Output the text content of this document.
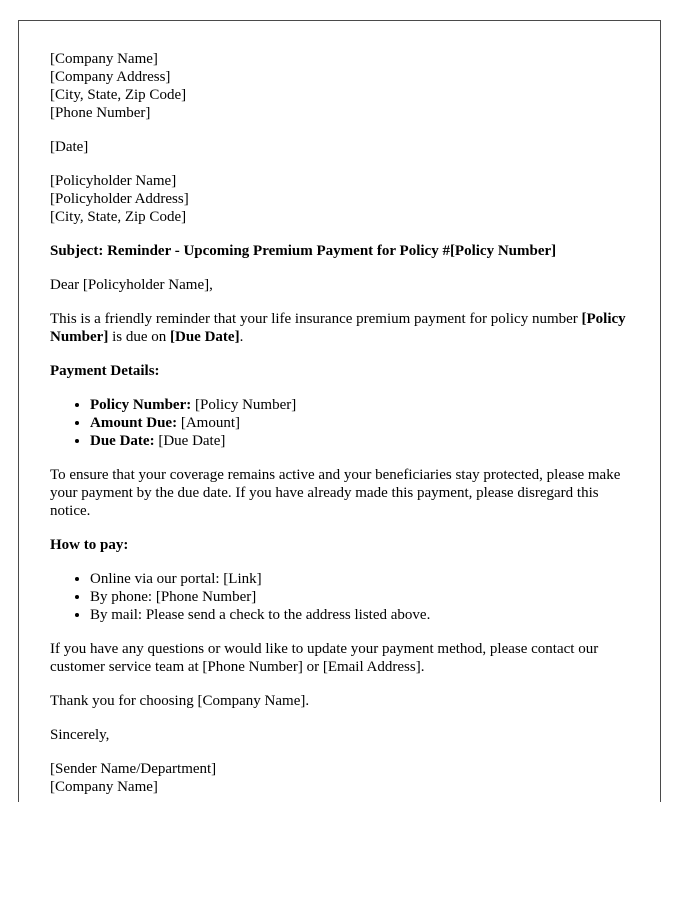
[Company Name]
[Company Address]
[City, State, Zip Code]
[Phone Number]

[Date]

[Policyholder Name]
[Policyholder Address]
[City, State, Zip Code]

Subject: Reminder - Upcoming Premium Payment for Policy #[Policy Number]

Dear [Policyholder Name],

This is a friendly reminder that your life insurance premium payment for policy number [Policy Number] is due on [Due Date].

Payment Details:

• Policy Number: [Policy Number]
• Amount Due: [Amount]
• Due Date: [Due Date]

To ensure that your coverage remains active and your beneficiaries stay protected, please make your payment by the due date. If you have already made this payment, please disregard this notice.

How to pay:

• Online via our portal: [Link]
• By phone: [Phone Number]
• By mail: Please send a check to the address listed above.

If you have any questions or would like to update your payment method, please contact our customer service team at [Phone Number] or [Email Address].

Thank you for choosing [Company Name].

Sincerely,

[Sender Name/Department]
[Company Name]
